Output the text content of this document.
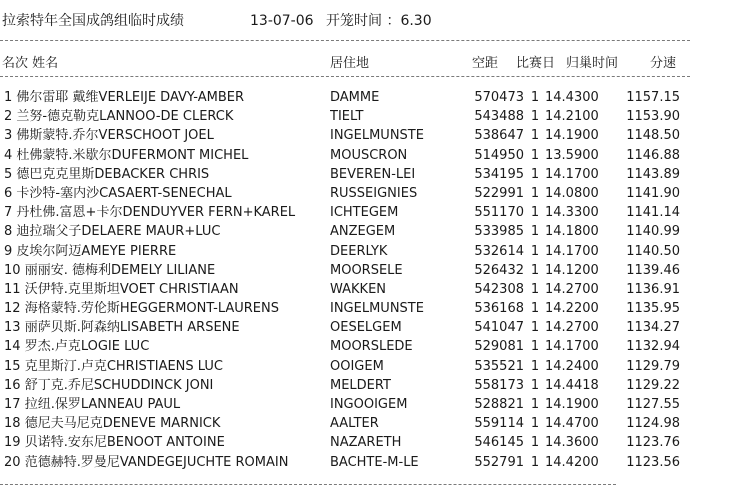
拉索特年全国成鸽组临时成绩	13-07-06 开笼时间 ：6.30
名次 姓名	居住地	空距 比赛日 归巢时间 分速
1 佛尔雷耶 戴维VERLEIJE DAVY-AMBER	DAMME	570473 1 14.4300	1157.15
2 兰努-德克勒克LANNOO-DE CLERCK	TIELT	543488 1 14.2100	1153.90
3 佛斯蒙特.乔尔VERSCHOOT JOEL	INGELMUNSTE	538647 1 14.1900	1148.50
4 杜佛蒙特.米歇尔DUFERMONT MICHEL	MOUSCRON	514950 1 13.5900	1146.88
5 德巴克克里斯DEBACKER CHRIS	BEVEREN-LEI	534195 1 14.1700	1143.89
6 卡沙特-塞内沙CASAERT-SENECHAL	RUSSEIGNIES	522991 1 14.0800	1141.90
7 丹杜佛.富恩+卡尔DENDUYVER FERN+KAREL	ICHTEGEM	551170 1 14.3300	1141.14
8 迪拉瑞父子DELAERE MAUR+LUC	ANZEGEM	533985 1 14.1800	1140.99
9 皮埃尔阿迈AMEYE PIERRE	DEERLYK	532614 1 14.1700	1140.50
10 丽丽安. 德梅利DEMELY LILIANE	MOORSELE	526432 1 14.1200	1139.46
11 沃伊特.克里斯坦VOET CHRISTIAAN	WAKKEN	542308 1 14.2700	1136.91
12 海格蒙特.劳伦斯HEGGERMONT-LAURENS	INGELMUNSTE	536168 1 14.2200	1135.95
13 丽萨贝斯.阿森纳LISABETH ARSENE	OESELGEM	541047 1 14.2700	1134.27
14 罗杰.卢克LOGIE LUC	MOORSLEDE	529081 1 14.1700	1132.94
15 克里斯汀.卢克CHRISTIAENS LUC	OOIGEM	535521 1 14.2400	1129.79
16 舒丁克.乔尼SCHUDDINCK JONI	MELDERT	558173 1 14.4418	1129.22
17 拉纽.保罗LANNEAU PAUL	INGOOIGEM	528821 1 14.1900	1127.55
18 德尼夫马尼克DENEVE MARNICK	AALTER	559114 1 14.4700	1124.98
19 贝诺特.安东尼BENOOT ANTOINE	NAZARETH	546145 1 14.3600	1123.76
20 范德赫特.罗曼尼VANDEGEJUCHTE ROMAIN	BACHTE-M-LE	552791 1 14.4200	1123.56
